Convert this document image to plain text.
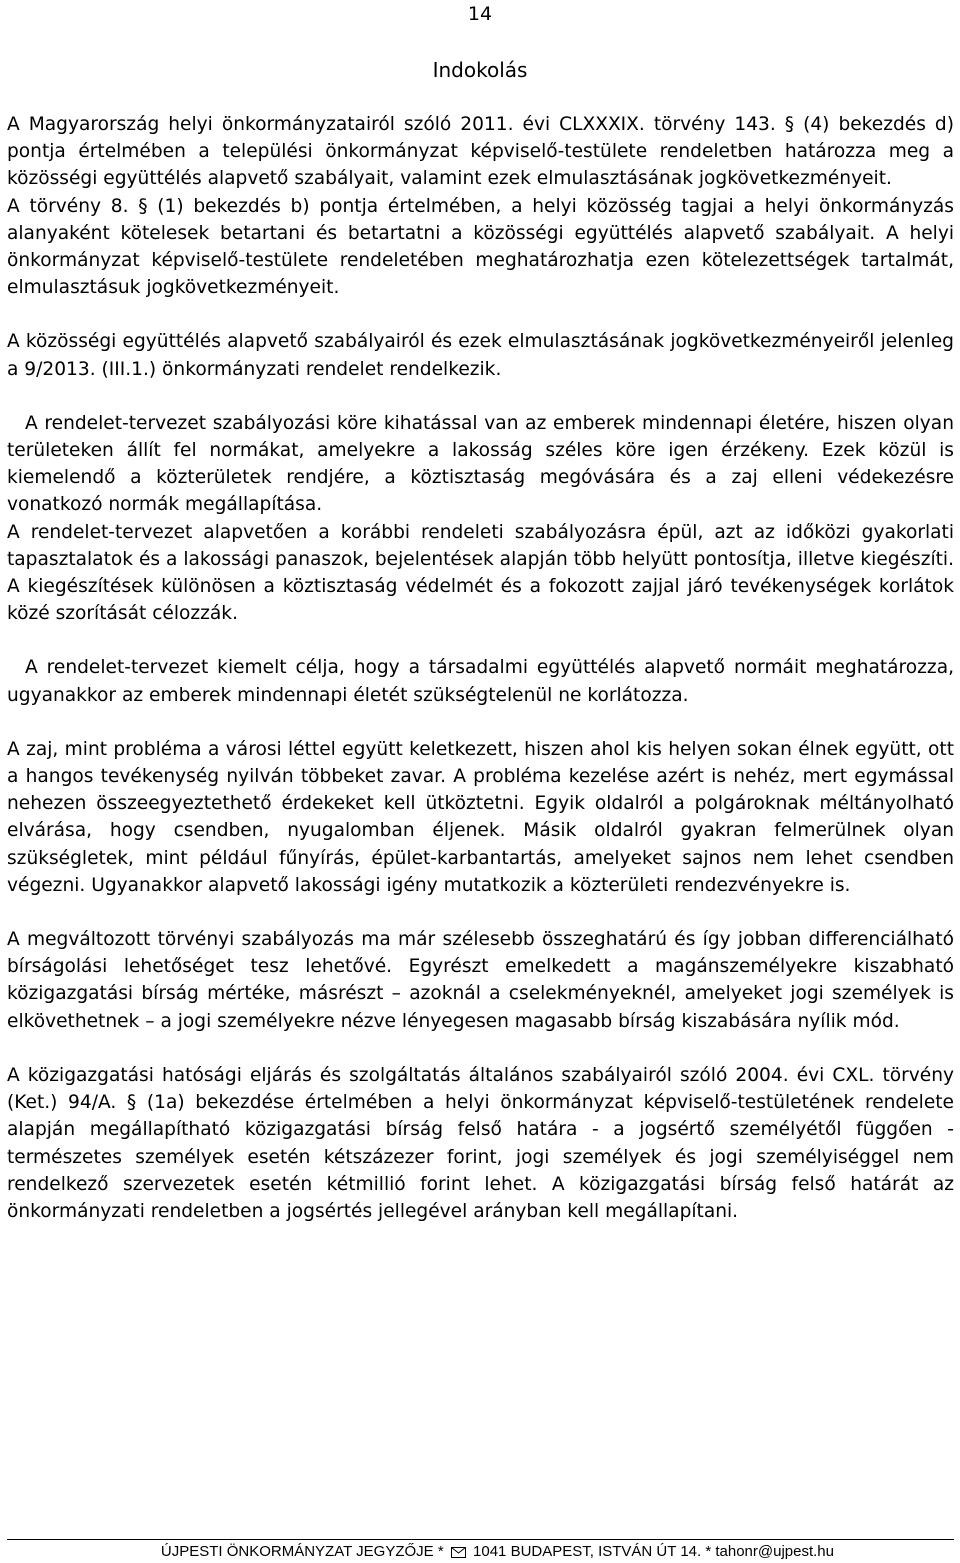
14
Indokolás

A Magyarország helyi önkormányzatairól szóló 2011. évi CLXXXIX. törvény 143. § (4) bekezdés d) pontja értelmében a települési önkormányzat képviselő-testülete rendeletben határozza meg a közösségi együttélés alapvető szabályait, valamint ezek elmulasztásának jogkövetkezményeit.

A törvény 8. § (1) bekezdés b) pontja értelmében, a helyi közösség tagjai a helyi önkormányzás alanyaként kötelesek betartani és betartatni a közösségi együttélés alapvető szabályait. A helyi önkormányzat képviselő-testülete rendeletében meghatározhatja ezen kötelezettségek tartalmát, elmulasztásuk jogkövetkezményeit.

A közösségi együttélés alapvető szabályairól és ezek elmulasztásának jogkövetkezményeiről jelenleg a 9/2013. (III.1.) önkormányzati rendelet rendelkezik.

A rendelet-tervezet szabályozási köre kihatással van az emberek mindennapi életére, hiszen olyan területeken állít fel normákat, amelyekre a lakosság széles köre igen érzékeny. Ezek közül is kiemelendő a közterületek rendjére, a köztisztaság megóvására és a zaj elleni védekezésre vonatkozó normák megállapítása.

A rendelet-tervezet alapvetően a korábbi rendeleti szabályozásra épül, azt az időközi gyakorlati tapasztalatok és a lakossági panaszok, bejelentések alapján több helyütt pontosítja, illetve kiegészíti. A kiegészítések különösen a köztisztaság védelmét és a fokozott zajjal járó tevékenységek korlátok közé szorítását célozzák.

A rendelet-tervezet kiemelt célja, hogy a társadalmi együttélés alapvető normáit meghatározza, ugyanakkor az emberek mindennapi életét szükségtelenül ne korlátozza.

A zaj, mint probléma a városi léttel együtt keletkezett, hiszen ahol kis helyen sokan élnek együtt, ott a hangos tevékenység nyilván többeket zavar. A probléma kezelése azért is nehéz, mert egymással nehezen összeegyeztethető érdekeket kell ütköztetni. Egyik oldalról a polgároknak méltányolható elvárása, hogy csendben, nyugalomban éljenek. Másik oldalról gyakran felmerülnek olyan szükségletek, mint például fűnyírás, épület-karbantartás, amelyeket sajnos nem lehet csendben végezni. Ugyanakkor alapvető lakossági igény mutatkozik a közterületi rendezvényekre is.

A megváltozott törvényi szabályozás ma már szélesebb összeghatárú és így jobban differenciálható bírságolási lehetőséget tesz lehetővé. Egyrészt emelkedett a magánszemélyekre kiszabható közigazgatási bírság mértéke, másrészt – azoknál a cselekményeknél, amelyeket jogi személyek is elkövethetnek – a jogi személyekre nézve lényegesen magasabb bírság kiszabására nyílik mód.

A közigazgatási hatósági eljárás és szolgáltatás általános szabályairól szóló 2004. évi CXL. törvény (Ket.) 94/A. § (1a) bekezdése értelmében a helyi önkormányzat képviselő-testületének rendelete alapján megállapítható közigazgatási bírság felső határa - a jogsértő személyétől függően - természetes személyek esetén kétszázezer forint, jogi személyek és jogi személyiséggel nem rendelkező szervezetek esetén kétmillió forint lehet. A közigazgatási bírság felső határát az önkormányzati rendeletben a jogsértés jellegével arányban kell megállapítani.

ÚJPESTI ÖNKORMÁNYZAT JEGYZŐJE * 1041 BUDAPEST, ISTVÁN ÚT 14. * tahonr@ujpest.hu
